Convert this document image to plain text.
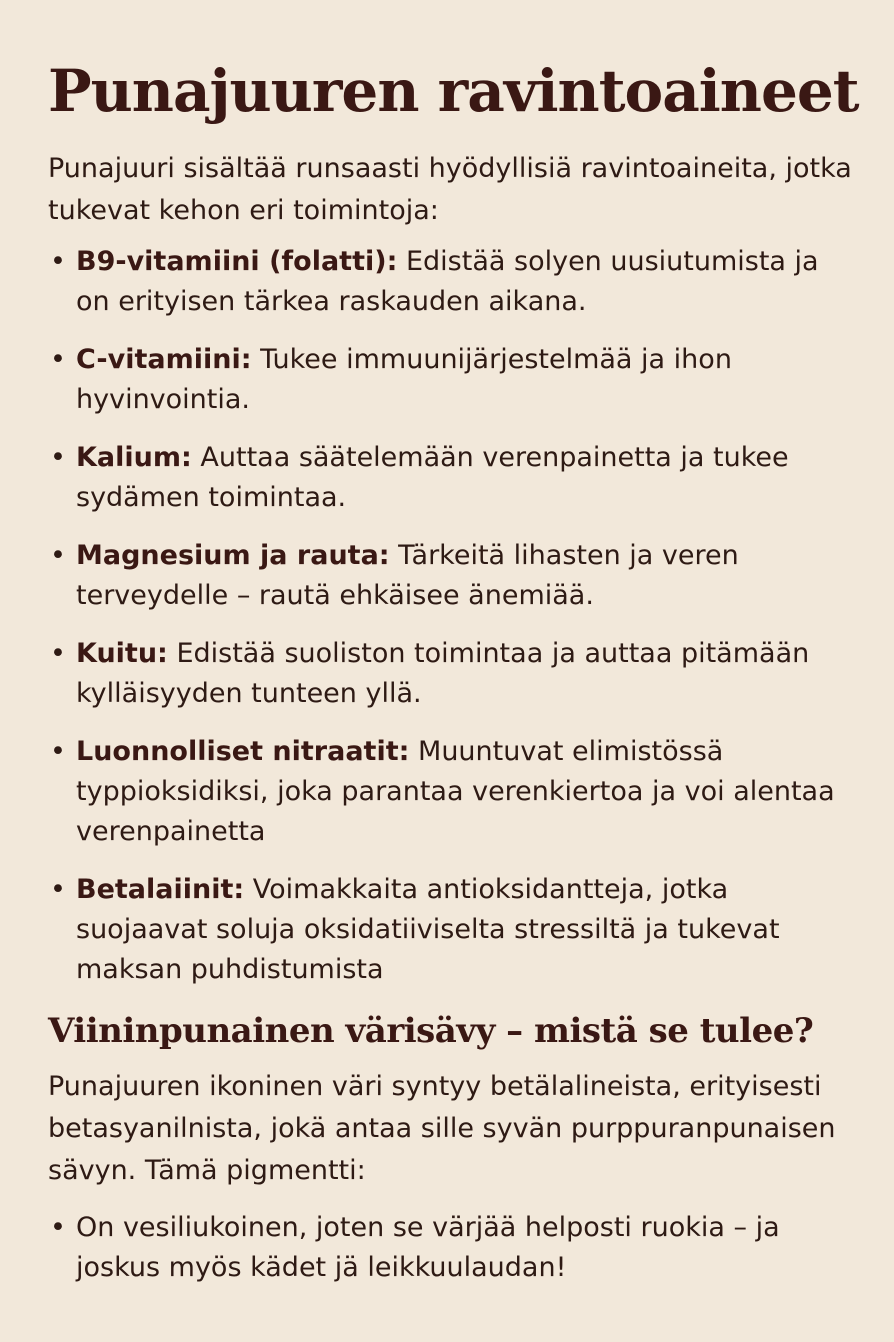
Punajuuren ravintoaineet

Punajuuri sisältää runsaasti hyödyllisiä ravintoaineita, jotka tukevat kehon eri toimintoja:

• B9-vitamiini (folatti): Edistää solyen uusiutumista ja on erityisen tärkea raskauden aikana.
• C-vitamiini: Tukee immuunijärjestelmää ja ihon hyvinvointia.
• Kalium: Auttaa säätelemään verenpainetta ja tukee sydämen toimintaa.
• Magnesium ja rauta: Tärkeitä lihasten ja veren terveydelle – rautä ehkäisee änemiää.
• Kuitu: Edistää suoliston toimintaa ja auttaa pitämään kylläisyyden tunteen yllä.
• Luonnolliset nitraatit: Muuntuvat elimistössä typpioksidiksi, joka parantaa verenkiertoa ja voi alentaa verenpainetta
• Betalaiinit: Voimakkaita antioksidantteja, jotka suojaavat soluja oksidatiiviselta stressiltä ja tukevat maksan puhdistumista
Viininpunainen värisävy – mistä se tulee?

Punajuuren ikoninen väri syntyy betälalineista, erityisesti betasyanilnista, jokä antaa sille syvän purppuranpunaisen sävyn. Tämä pigmentti:

• On vesiliukoinen, joten se värjää helposti ruokia – ja joskus myös kädet jä leikkuulaudan!
